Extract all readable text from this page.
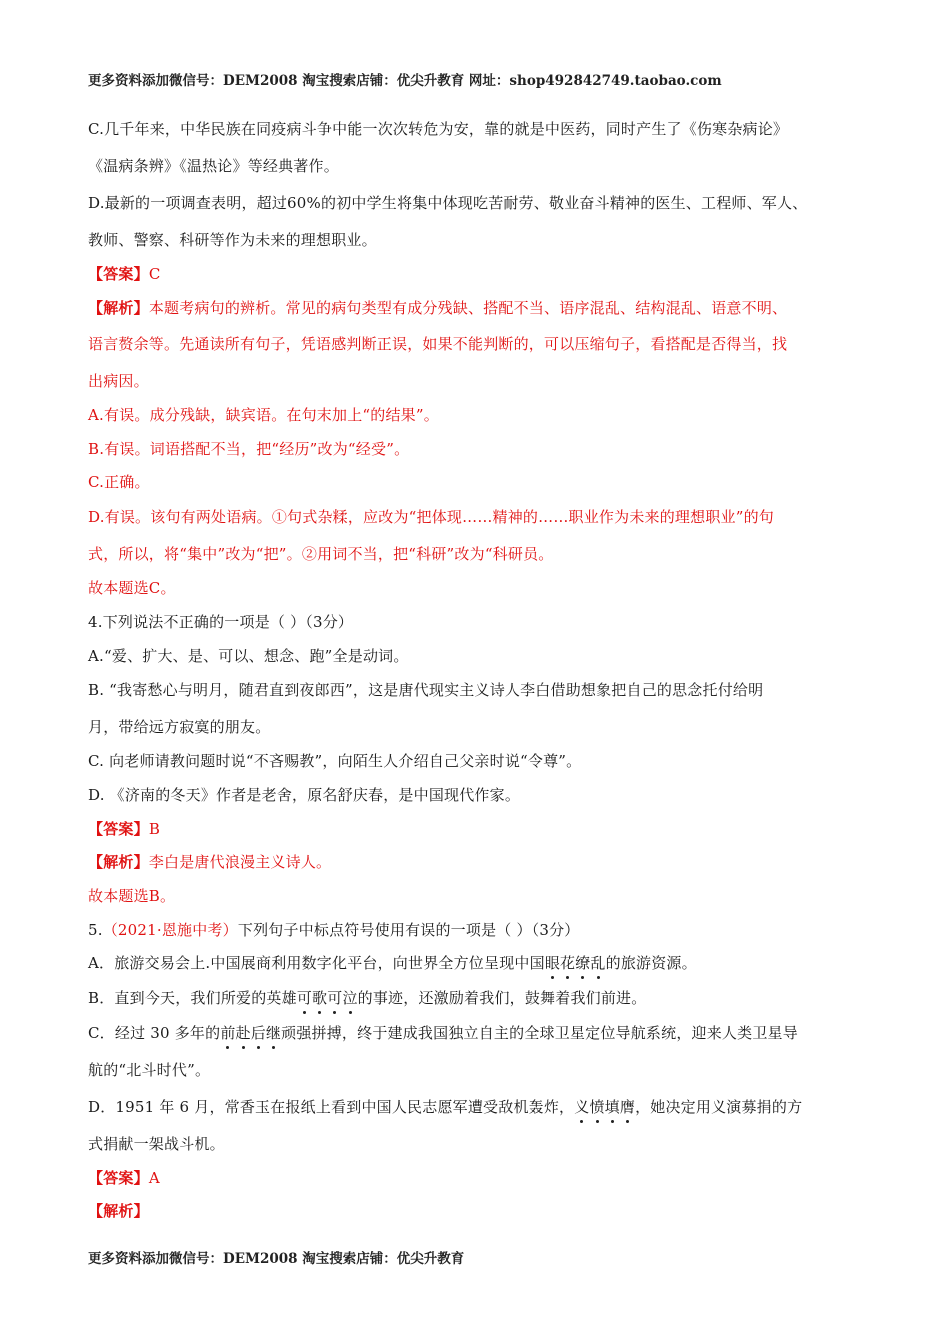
更多资料添加微信号：DEM2008 淘宝搜索店铺：优尖升教育 网址：shop492842749.taobao.com
C.几千年来，中华民族在同疫病斗争中能一次次转危为安，靠的就是中医药，同时产生了《伤寒杂病论》
《温病条辨》《温热论》等经典著作。
D.最新的一项调查表明，超过60%的初中学生将集中体现吃苦耐劳、敬业奋斗精神的医生、工程师、军人、
教师、警察、科研等作为未来的理想职业。
【答案】C
【解析】本题考病句的辨析。常见的病句类型有成分残缺、搭配不当、语序混乱、结构混乱、语意不明、
语言赘余等。先通读所有句子，凭语感判断正误，如果不能判断的，可以压缩句子，看搭配是否得当，找
出病因。
A.有误。成分残缺，缺宾语。在句末加上“的结果”。
B.有误。词语搭配不当，把“经历”改为“经受”。
C.正确。
D.有误。该句有两处语病。①句式杂糅，应改为“把体现……精神的……职业作为未来的理想职业”的句
式，所以，将“集中”改为“把”。②用词不当，把“科研”改为“科研员。
故本题选C。
4.下列说法不正确的一项是（ ）（3分）
A.“爱、扩大、是、可以、想念、跑”全是动词。
B. “我寄愁心与明月，随君直到夜郎西”，这是唐代现实主义诗人李白借助想象把自己的思念托付给明
月，带给远方寂寞的朋友。
C. 向老师请教问题时说“不吝赐教”，向陌生人介绍自己父亲时说“令尊”。
D. 《济南的冬天》作者是老舍，原名舒庆春，是中国现代作家。
【答案】B
【解析】李白是唐代浪漫主义诗人。
故本题选B。
5.（2021·恩施中考）下列句子中标点符号使用有误的一项是（ ）（3分）
A．旅游交易会上.中国展商利用数字化平台，向世界全方位呈现中国眼花缭乱的旅游资源。
B．直到今天，我们所爱的英雄可歌可泣的事迹，还激励着我们，鼓舞着我们前进。
C．经过 30 多年的前赴后继顽强拼搏，终于建成我国独立自主的全球卫星定位导航系统，迎来人类卫星导
航的“北斗时代”。
D．1951 年 6 月，常香玉在报纸上看到中国人民志愿军遭受敌机轰炸，义愤填膺，她决定用义演募捐的方
式捐献一架战斗机。
【答案】A
【解析】
更多资料添加微信号：DEM2008 淘宝搜索店铺：优尖升教育
